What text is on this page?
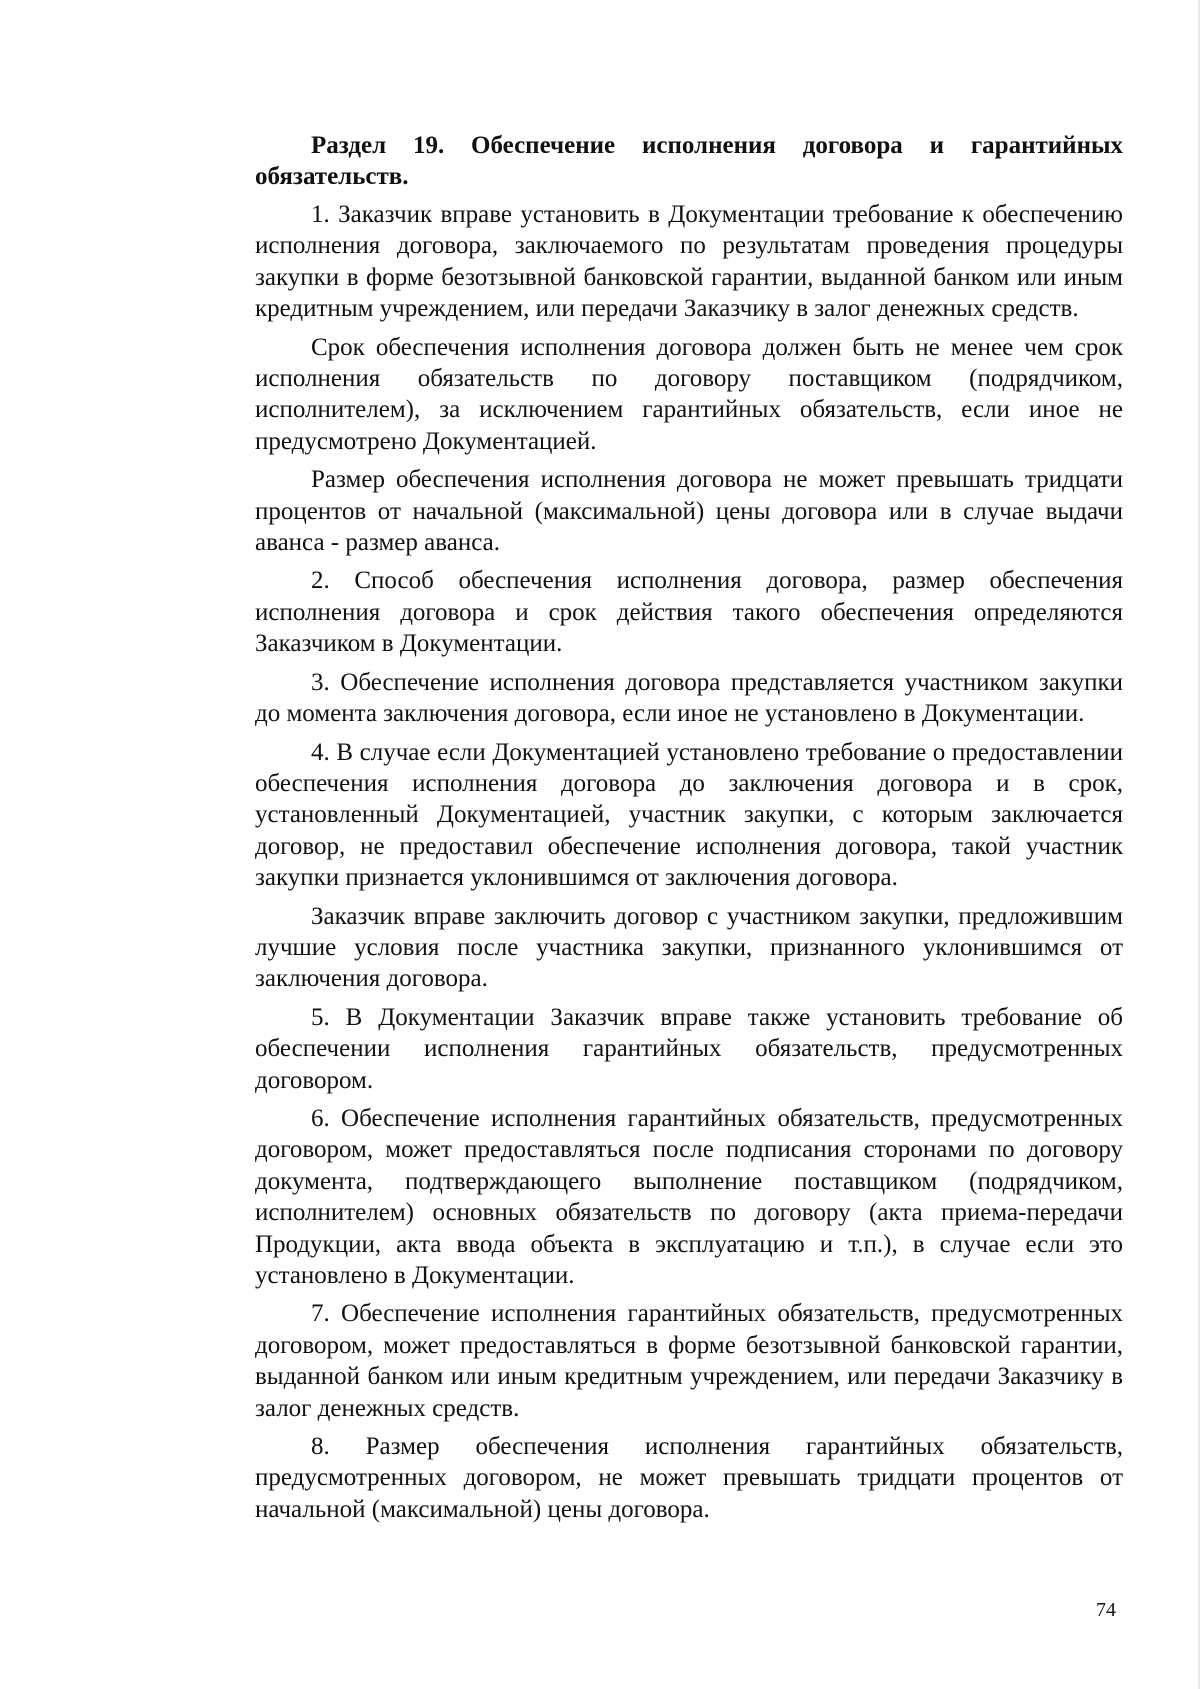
Раздел 19. Обеспечение исполнения договора и гарантийных обязательств.

1. Заказчик вправе установить в Документации требование к обеспечению исполнения договора, заключаемого по результатам проведения процедуры закупки в форме безотзывной банковской гарантии, выданной банком или иным кредитным учреждением, или передачи Заказчику в залог денежных средств.

Срок обеспечения исполнения договора должен быть не менее чем срок исполнения обязательств по договору поставщиком (подрядчиком, исполнителем), за исключением гарантийных обязательств, если иное не предусмотрено Документацией.

Размер обеспечения исполнения договора не может превышать тридцати процентов от начальной (максимальной) цены договора или в случае выдачи аванса - размер аванса.

2. Способ обеспечения исполнения договора, размер обеспечения исполнения договора и срок действия такого обеспечения определяются Заказчиком в Документации.

3. Обеспечение исполнения договора представляется участником закупки до момента заключения договора, если иное не установлено в Документации.

4. В случае если Документацией установлено требование о предоставлении обеспечения исполнения договора до заключения договора и в срок, установленный Документацией, участник закупки, с которым заключается договор, не предоставил обеспечение исполнения договора, такой участник закупки признается уклонившимся от заключения договора.

Заказчик вправе заключить договор с участником закупки, предложившим лучшие условия после участника закупки, признанного уклонившимся от заключения договора.

5. В Документации Заказчик вправе также установить требование об обеспечении исполнения гарантийных обязательств, предусмотренных договором.

6. Обеспечение исполнения гарантийных обязательств, предусмотренных договором, может предоставляться после подписания сторонами по договору документа, подтверждающего выполнение поставщиком (подрядчиком, исполнителем) основных обязательств по договору (акта приема-передачи Продукции, акта ввода объекта в эксплуатацию и т.п.), в случае если это установлено в Документации.

7. Обеспечение исполнения гарантийных обязательств, предусмотренных договором, может предоставляться в форме безотзывной банковской гарантии, выданной банком или иным кредитным учреждением, или передачи Заказчику в залог денежных средств.

8. Размер обеспечения исполнения гарантийных обязательств, предусмотренных договором, не может превышать тридцати процентов от начальной (максимальной) цены договора.

74
